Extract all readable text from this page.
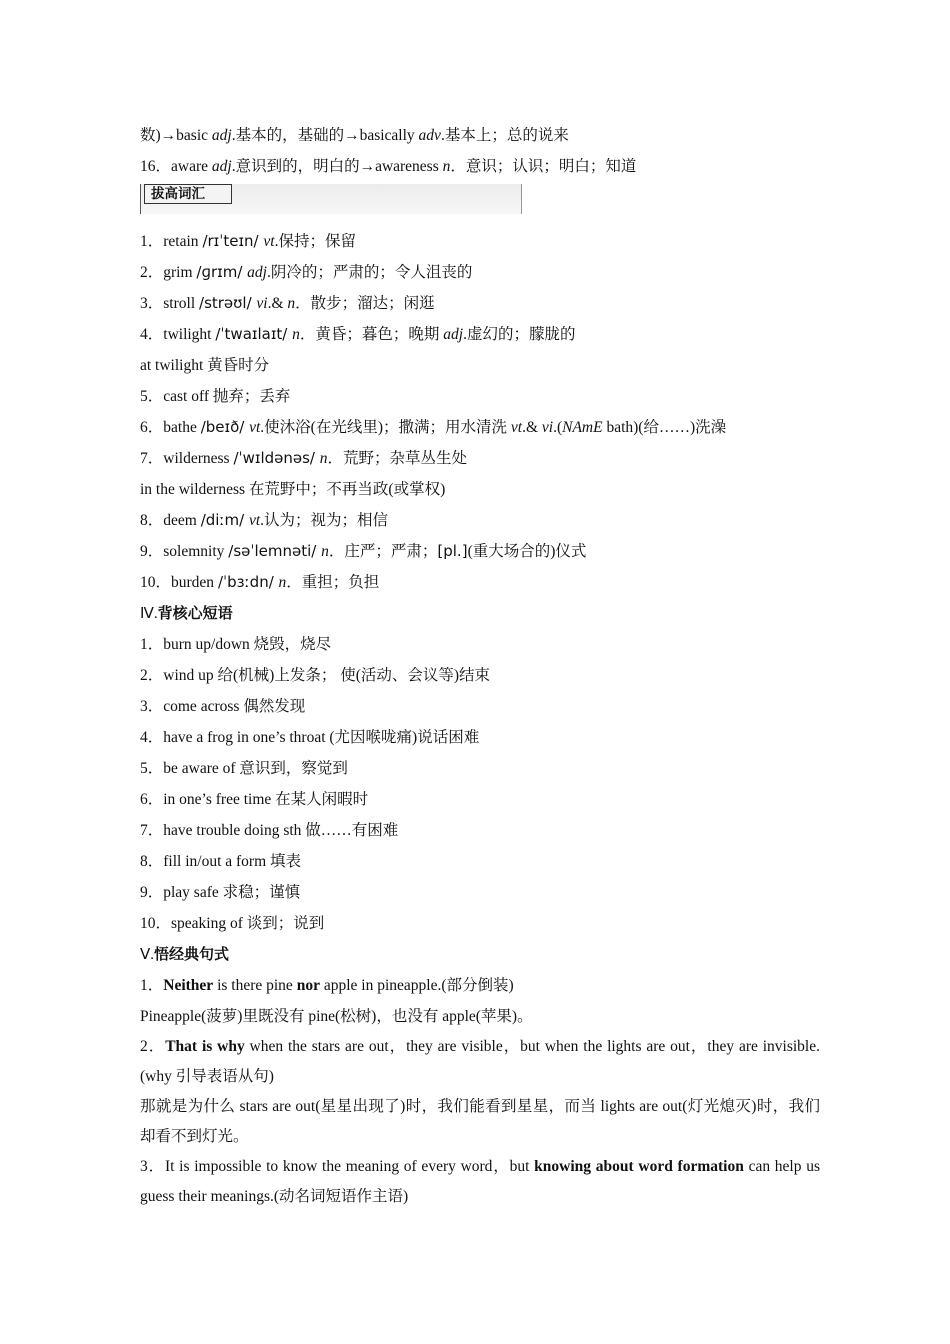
数)→basic adj.基本的，基础的→basically adv.基本上；总的说来
16．aware adj.意识到的，明白的→awareness n．意识；认识；明白；知道
拔高词汇
1．retain /rɪˈteɪn/ vt.保持；保留
2．grim /ɡrɪm/ adj.阴冷的；严肃的；令人沮丧的
3．stroll /strəʊl/ vi.& n．散步；溜达；闲逛
4．twilight /ˈtwaɪlaɪt/ n．黄昏；暮色；晚期 adj.虚幻的；朦胧的
at twilight 黄昏时分
5．cast off 抛弃；丢弃
6．bathe /beɪð/ vt.使沐浴(在光线里)；撒满；用水清洗 vt.& vi.(NAmE bath)(给……)洗澡
7．wilderness /ˈwɪldənəs/ n．荒野；杂草丛生处
in the wilderness 在荒野中；不再当政(或掌权)
8．deem /diːm/ vt.认为；视为；相信
9．solemnity /səˈlemnəti/ n．庄严；严肃；[pl.](重大场合的)仪式
10．burden /ˈbɜːdn/ n．重担；负担
Ⅳ.背核心短语
1．burn up/down 烧毁，烧尽
2．wind up 给(机械)上发条； 使(活动、会议等)结束
3．come across 偶然发现
4．have a frog in one’s throat (尤因喉咙痛)说话困难
5．be aware of 意识到，察觉到
6．in one’s free time 在某人闲暇时
7．have trouble doing sth 做……有困难
8．fill in/out a form 填表
9．play safe 求稳；谨慎
10．speaking of 谈到；说到
Ⅴ.悟经典句式
1．Neither is there pine nor apple in pineapple.(部分倒装)
Pineapple(菠萝)里既没有 pine(松树)，也没有 apple(苹果)。
2．That is why when the stars are out，they are visible，but when the lights are out，they are invisible.(why 引导表语从句)
那就是为什么 stars are out(星星出现了)时，我们能看到星星，而当 lights are out(灯光熄灭)时，我们却看不到灯光。
3．It is impossible to know the meaning of every word，but knowing about word formation can help us guess their meanings.(动名词短语作主语)
